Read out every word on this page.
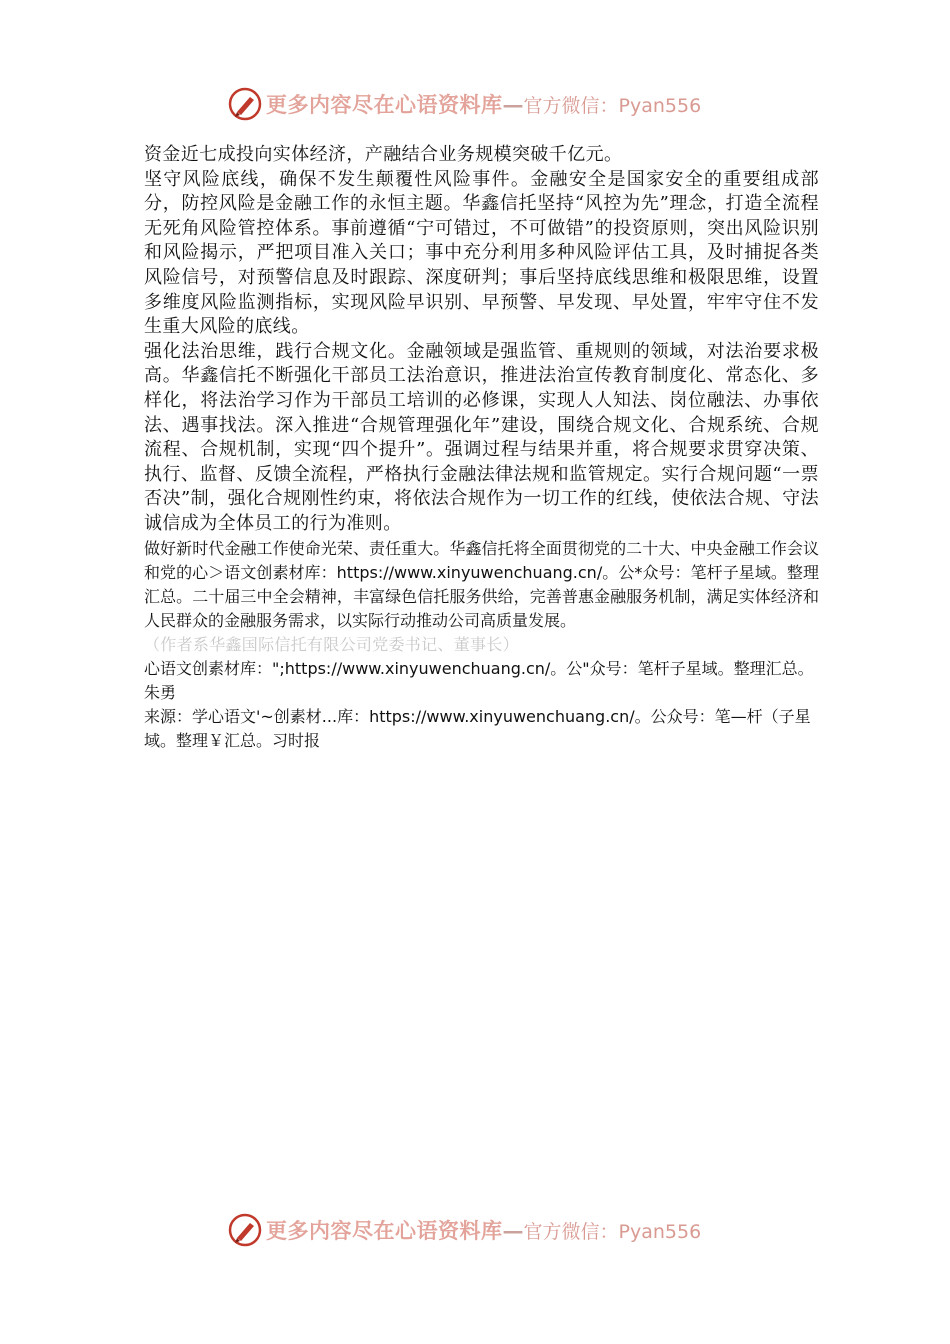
更多内容尽在心语资料库 — 官方微信：Pyan556

资金近七成投向实体经济，产融结合业务规模突破千亿元。

坚守风险底线，确保不发生颠覆性风险事件。金融安全是国家安全的重要组成部分，防控风险是金融工作的永恒主题。华鑫信托坚持“风控为先”理念，打造全流程无死角风险管控体系。事前遵循“宁可错过，不可做错”的投资原则，突出风险识别和风险揭示，严把项目准入关口；事中充分利用多种风险评估工具，及时捕捉各类风险信号，对预警信息及时跟踪、深度研判；事后坚持底线思维和极限思维，设置多维度风险监测指标，实现风险早识别、早预警、早发现、早处置，牢牢守住不发生重大风险的底线。

强化法治思维，践行合规文化。金融领域是强监管、重规则的领域，对法治要求极高。华鑫信托不断强化干部员工法治意识，推进法治宣传教育制度化、常态化、多样化，将法治学习作为干部员工培训的必修课，实现人人知法、岗位融法、办事依法、遇事找法。深入推进“合规管理强化年”建设，围绕合规文化、合规系统、合规流程、合规机制，实现“四个提升”。强调过程与结果并重，将合规要求贯穿决策、执行、监督、反馈全流程，严格执行金融法律法规和监管规定。实行合规问题“一票否决”制，强化合规刚性约束，将依法合规作为一切工作的红线，使依法合规、守法诚信成为全体员工的行为准则。

做好新时代金融工作使命光荣、责任重大。华鑫信托将全面贯彻党的二十大、中央金融工作会议和党的心＞语文创素材库：https://www.xinyuwenchuang.cn/。公*众号：笔杆子星域。整理汇总。二十届三中全会精神，丰富绿色信托服务供给，完善普惠金融服务机制，满足实体经济和人民群众的金融服务需求，以实际行动推动公司高质量发展。

（作者系华鑫国际信托有限公司党委书记、董事长）

心语文创素材库：";https://www.xinyuwenchuang.cn/。公"众号：笔杆子星域。整理汇总。朱勇

来源：学心语文'~创素材...库：https://www.xinyuwenchuang.cn/。公众号：笔—杆（子星域。整理￥汇总。习时报

更多内容尽在心语资料库 — 官方微信：Pyan556
